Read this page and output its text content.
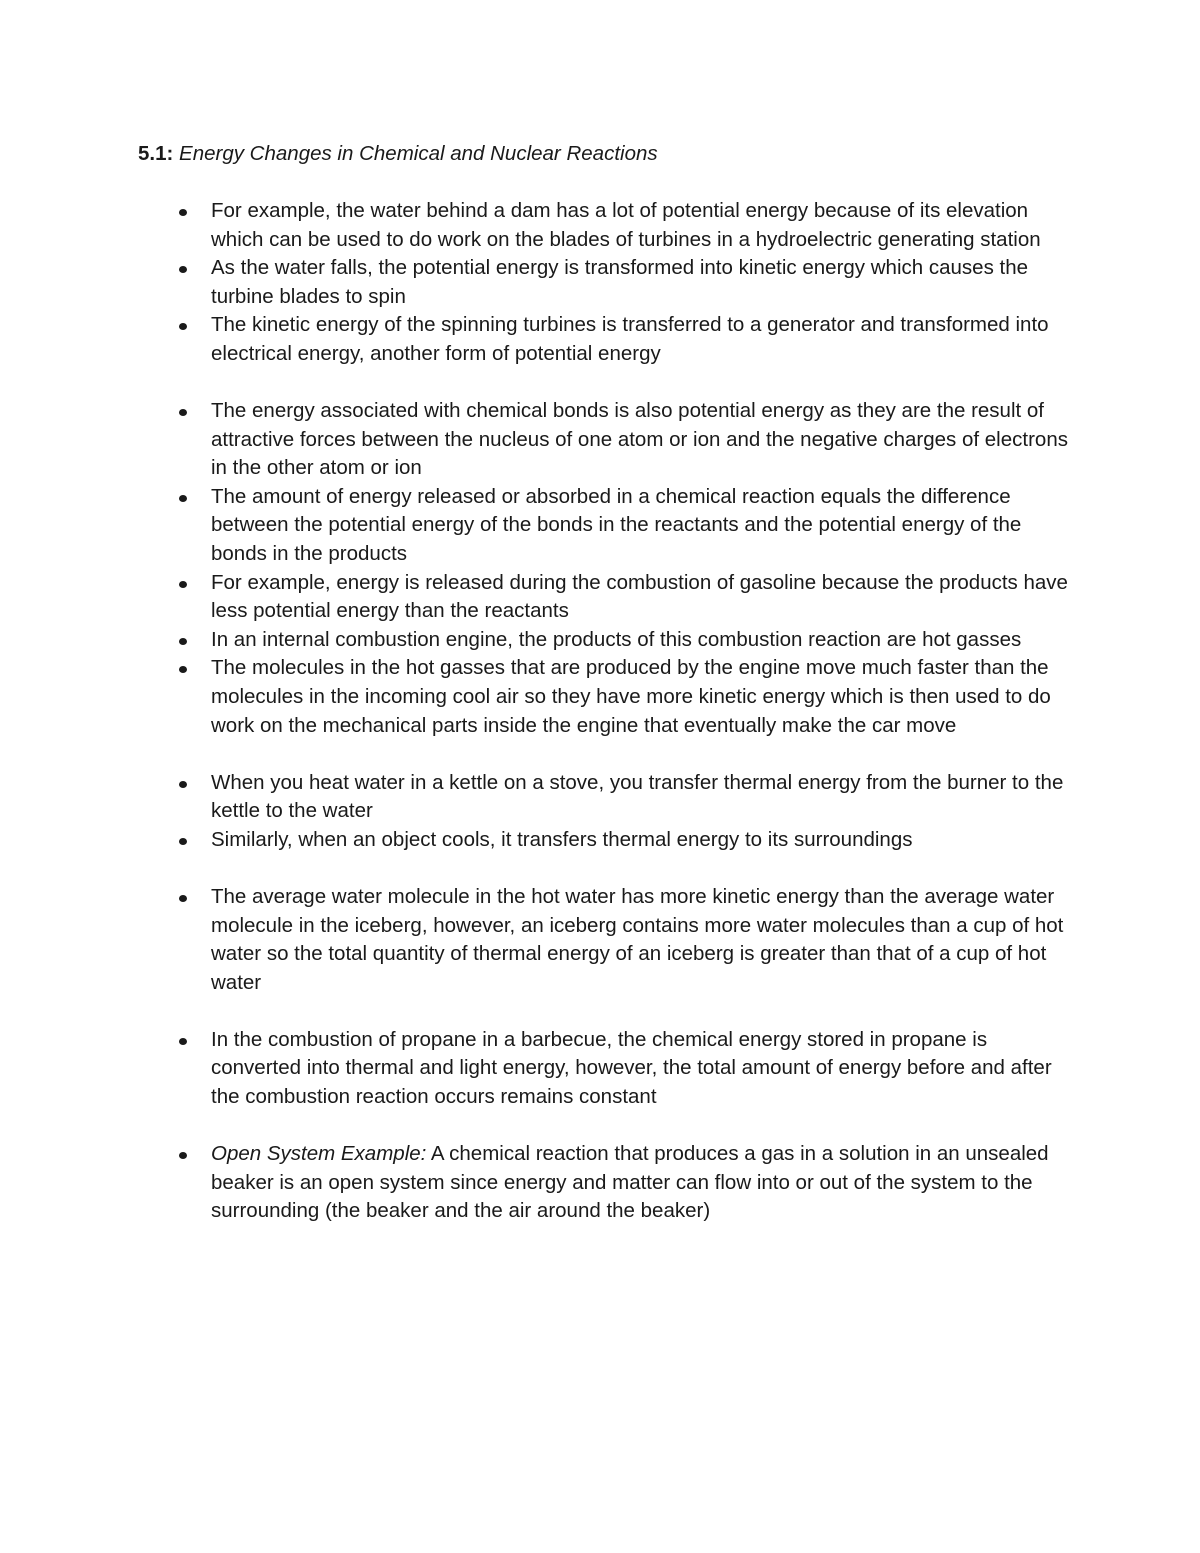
5.1: Energy Changes in Chemical and Nuclear Reactions
For example, the water behind a dam has a lot of potential energy because of its elevation which can be used to do work on the blades of turbines in a hydroelectric generating station
As the water falls, the potential energy is transformed into kinetic energy which causes the turbine blades to spin
The kinetic energy of the spinning turbines is transferred to a generator and transformed into electrical energy, another form of potential energy
The energy associated with chemical bonds is also potential energy as they are the result of attractive forces between the nucleus of one atom or ion and the negative charges of electrons in the other atom or ion
The amount of energy released or absorbed in a chemical reaction equals the difference between the potential energy of the bonds in the reactants and the potential energy of the bonds in the products
For example, energy is released during the combustion of gasoline because the products have less potential energy than the reactants
In an internal combustion engine, the products of this combustion reaction are hot gasses
The molecules in the hot gasses that are produced by the engine move much faster than the molecules in the incoming cool air so they have more kinetic energy which is then used to do work on the mechanical parts inside the engine that eventually make the car move
When you heat water in a kettle on a stove, you transfer thermal energy from the burner to the kettle to the water
Similarly, when an object cools, it transfers thermal energy to its surroundings
The average water molecule in the hot water has more kinetic energy than the average water molecule in the iceberg, however, an iceberg contains more water molecules than a cup of hot water so the total quantity of thermal energy of an iceberg is greater than that of a cup of hot water
In the combustion of propane in a barbecue, the chemical energy stored in propane is converted into thermal and light energy, however, the total amount of energy before and after the combustion reaction occurs remains constant
Open System Example: A chemical reaction that produces a gas in a solution in an unsealed beaker is an open system since energy and matter can flow into or out of the system to the surrounding (the beaker and the air around the beaker)
